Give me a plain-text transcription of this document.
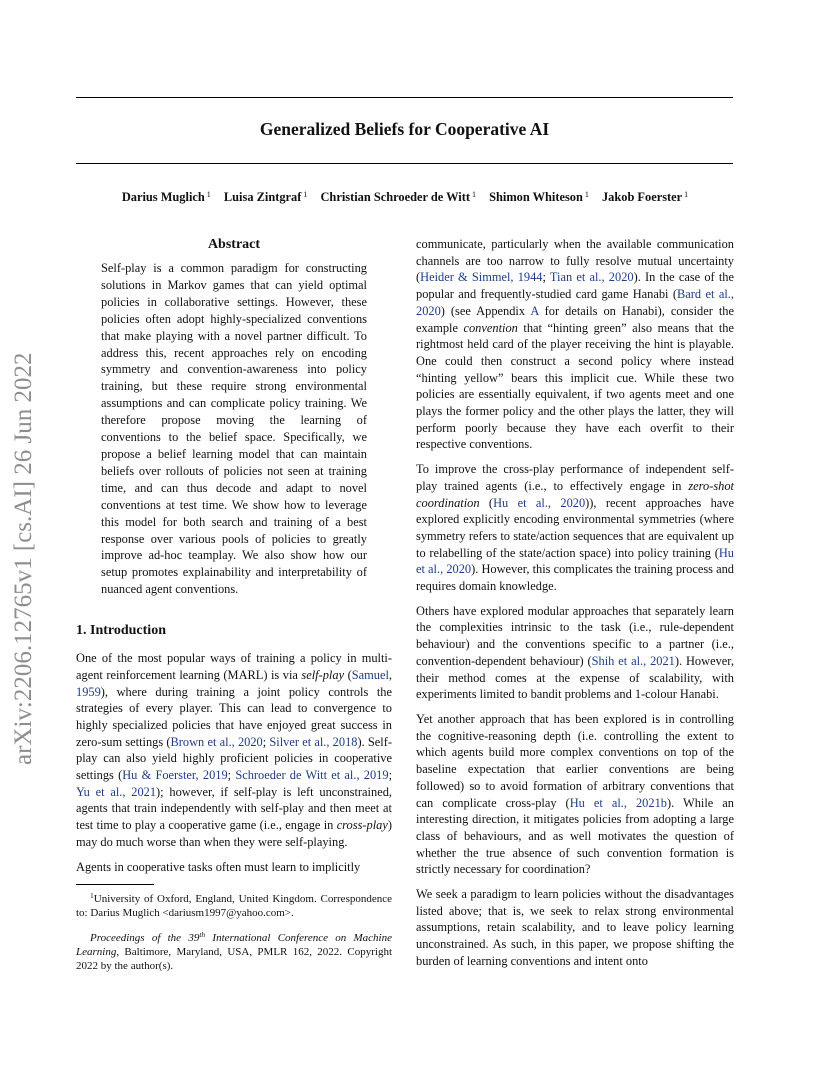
Generalized Beliefs for Cooperative AI
Darius Muglich $^1$ Luisa Zintgraf $^1$ Christian Schroeder de Witt $^1$ Shimon Whiteson $^1$ Jakob Foerster $^1$
arXiv:2206.12765v1 [cs.AI] 26 Jun 2022
Abstract
Self-play is a common paradigm for constructing solutions in Markov games that can yield optimal policies in collaborative settings. However, these policies often adopt highly-specialized conventions that make playing with a novel partner difficult. To address this, recent approaches rely on encoding symmetry and convention-awareness into policy training, but these require strong environmental assumptions and can complicate policy training. We therefore propose moving the learning of conventions to the belief space. Specifically, we propose a belief learning model that can maintain beliefs over rollouts of policies not seen at training time, and can thus decode and adapt to novel conventions at test time. We show how to leverage this model for both search and training of a best response over various pools of policies to greatly improve ad-hoc teamplay. We also show how our setup promotes explainability and interpretability of nuanced agent conventions.
1. Introduction

One of the most popular ways of training a policy in multi-agent reinforcement learning (MARL) is via self-play (Samuel, 1959), where during training a joint policy controls the strategies of every player. This can lead to convergence to highly specialized policies that have enjoyed great success in zero-sum settings (Brown et al., 2020; Silver et al., 2018). Self-play can also yield highly proficient policies in cooperative settings (Hu & Foerster, 2019; Schroeder de Witt et al., 2019; Yu et al., 2021); however, if self-play is left unconstrained, agents that train independently with self-play and then meet at test time to play a cooperative game (i.e., engage in cross-play) may do much worse than when they were self-playing.

Agents in cooperative tasks often must learn to implicitly

$^1$University of Oxford, England, United Kingdom. Correspondence to: Darius Muglich <dariusm1997@yahoo.com>.

Proceedings of the 39th International Conference on Machine Learning, Baltimore, Maryland, USA, PMLR 162, 2022. Copyright 2022 by the author(s).

communicate, particularly when the available communication channels are too narrow to fully resolve mutual uncertainty (Heider & Simmel, 1944; Tian et al., 2020). In the case of the popular and frequently-studied card game Hanabi (Bard et al., 2020) (see Appendix A for details on Hanabi), consider the example convention that “hinting green” also means that the rightmost held card of the player receiving the hint is playable. One could then construct a second policy where instead “hinting yellow” bears this implicit cue. While these two policies are essentially equivalent, if two agents meet and one plays the former policy and the other plays the latter, they will perform poorly because they have each overfit to their respective conventions.

To improve the cross-play performance of independent self-play trained agents (i.e., to effectively engage in zero-shot coordination (Hu et al., 2020)), recent approaches have explored explicitly encoding environmental symmetries (where symmetry refers to state/action sequences that are equivalent up to relabelling of the state/action space) into policy training (Hu et al., 2020). However, this complicates the training process and requires domain knowledge.

Others have explored modular approaches that separately learn the complexities intrinsic to the task (i.e., rule-dependent behaviour) and the conventions specific to a partner (i.e., convention-dependent behaviour) (Shih et al., 2021). However, their method comes at the expense of scalability, with experiments limited to bandit problems and 1-colour Hanabi.

Yet another approach that has been explored is in controlling the cognitive-reasoning depth (i.e. controlling the extent to which agents build more complex conventions on top of the baseline expectation that earlier conventions are being followed) so to avoid formation of arbitrary conventions that can complicate cross-play (Hu et al., 2021b). While an interesting direction, it mitigates policies from adopting a large class of behaviours, and as well motivates the question of whether the true absence of such convention formation is strictly necessary for coordination?

We seek a paradigm to learn policies without the disadvantages listed above; that is, we seek to relax strong environmental assumptions, retain scalability, and to leave policy learning unconstrained. As such, in this paper, we propose shifting the burden of learning conventions and intent onto
